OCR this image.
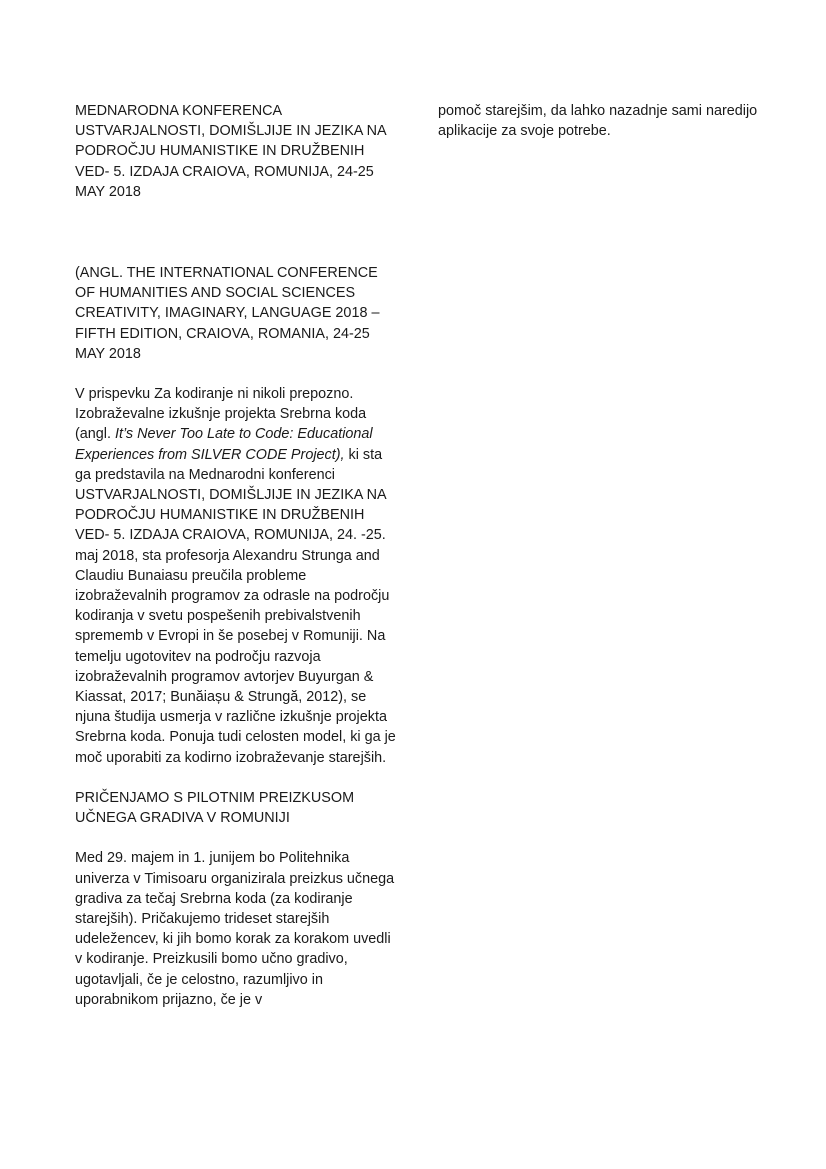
MEDNARODNA KONFERENCA USTVARJALNOSTI, DOMIŠLJIJE IN JEZIKA NA PODROČJU HUMANISTIKE IN DRUŽBENIH VED- 5. IZDAJA CRAIOVA, ROMUNIJA, 24-25 MAY 2018

(ANGL. THE INTERNATIONAL CONFERENCE OF HUMANITIES AND SOCIAL SCIENCES CREATIVITY, IMAGINARY, LANGUAGE 2018 – FIFTH EDITION, CRAIOVA, ROMANIA, 24-25 MAY 2018

V prispevku Za kodiranje ni nikoli prepozno. Izobraževalne izkušnje projekta Srebrna koda (angl. It’s Never Too Late to Code: Educational Experiences from SILVER CODE Project), ki sta ga predstavila na Mednarodni konferenci USTVARJALNOSTI, DOMIŠLJIJE IN JEZIKA NA PODROČJU HUMANISTIKE IN DRUŽBENIH VED- 5. IZDAJA CRAIOVA, ROMUNIJA, 24. -25. maj 2018, sta profesorja Alexandru Strunga and Claudiu Bunaiasu preučila probleme izobraževalnih programov za odrasle na področju kodiranja v svetu pospešenih prebivalstvenih sprememb v Evropi in še posebej v Romuniji. Na temelju ugotovitev na področju razvoja izobraževalnih programov avtorjev Buyurgan & Kiassat, 2017; Bunăiașu & Strungă, 2012), se njuna študija usmerja v različne izkušnje projekta Srebrna koda. Ponuja tudi celosten model, ki ga je moč uporabiti za kodirno izobraževanje starejših.

PRIČENJAMO S PILOTNIM PREIZKUSOM UČNEGA GRADIVA V ROMUNIJI

Med 29. majem in 1. junijem bo Politehnika univerza v Timisoaru organizirala preizkus učnega gradiva za tečaj Srebrna koda (za kodiranje starejših). Pričakujemo trideset starejših udeležencev, ki jih bomo korak za korakom uvedli v kodiranje. Preizkusili bomo učno gradivo, ugotavljali, če je celostno, razumljivo in uporabnikom prijazno, če je v

pomoč starejšim, da lahko nazadnje sami naredijo aplikacije za svoje potrebe.
